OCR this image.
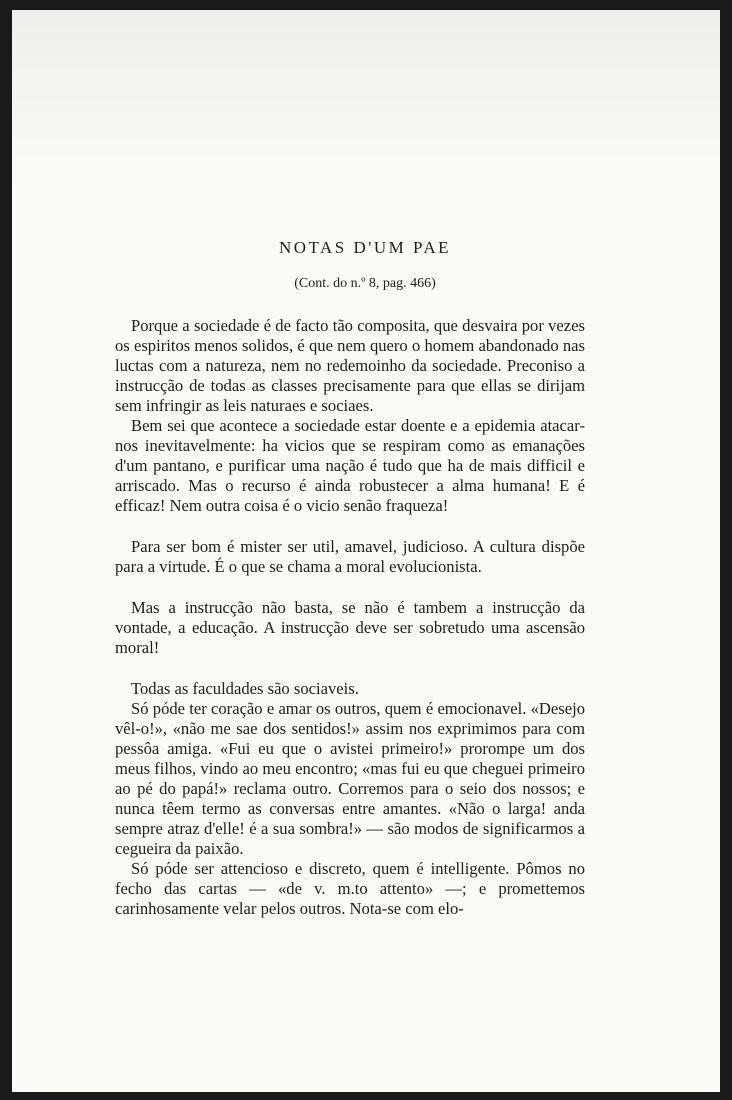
NOTAS D'UM PAE
(Cont. do n.º 8, pag. 466)

Porque a sociedade é de facto tão composita, que desvaira por vezes os espiritos menos solidos, é que nem quero o homem abandonado nas luctas com a natureza, nem no redemoinho da sociedade. Preconiso a instrucção de todas as classes precisamente para que ellas se dirijam sem infringir as leis naturaes e sociaes.

Bem sei que acontece a sociedade estar doente e a epidemia atacar-nos inevitavelmente: ha vicios que se respiram como as emanações d'um pantano, e purificar uma nação é tudo que ha de mais difficil e arriscado. Mas o recurso é ainda robustecer a alma humana! E é efficaz! Nem outra coisa é o vicio senão fraqueza!

Para ser bom é mister ser util, amavel, judicioso. A cultura dispõe para a virtude. É o que se chama a moral evolucionista.

Mas a instrucção não basta, se não é tambem a instrucção da vontade, a educação. A instrucção deve ser sobretudo uma ascensão moral!

Todas as faculdades são sociaveis.

Só póde ter coração e amar os outros, quem é emocionavel. «Desejo vêl-o!», «não me sae dos sentidos!» assim nos exprimimos para com pessôa amiga. «Fui eu que o avistei primeiro!» prorompe um dos meus filhos, vindo ao meu encontro; «mas fui eu que cheguei primeiro ao pé do papá!» reclama outro. Corremos para o seio dos nossos; e nunca têem termo as conversas entre amantes. «Não o larga! anda sempre atraz d'elle! é a sua sombra!» — são modos de significarmos a cegueira da paixão.

Só póde ser attencioso e discreto, quem é intelligente. Pômos no fecho das cartas — «de v. m.to attento» —; e promettemos carinhosamente velar pelos outros. Nota-se com elo-
